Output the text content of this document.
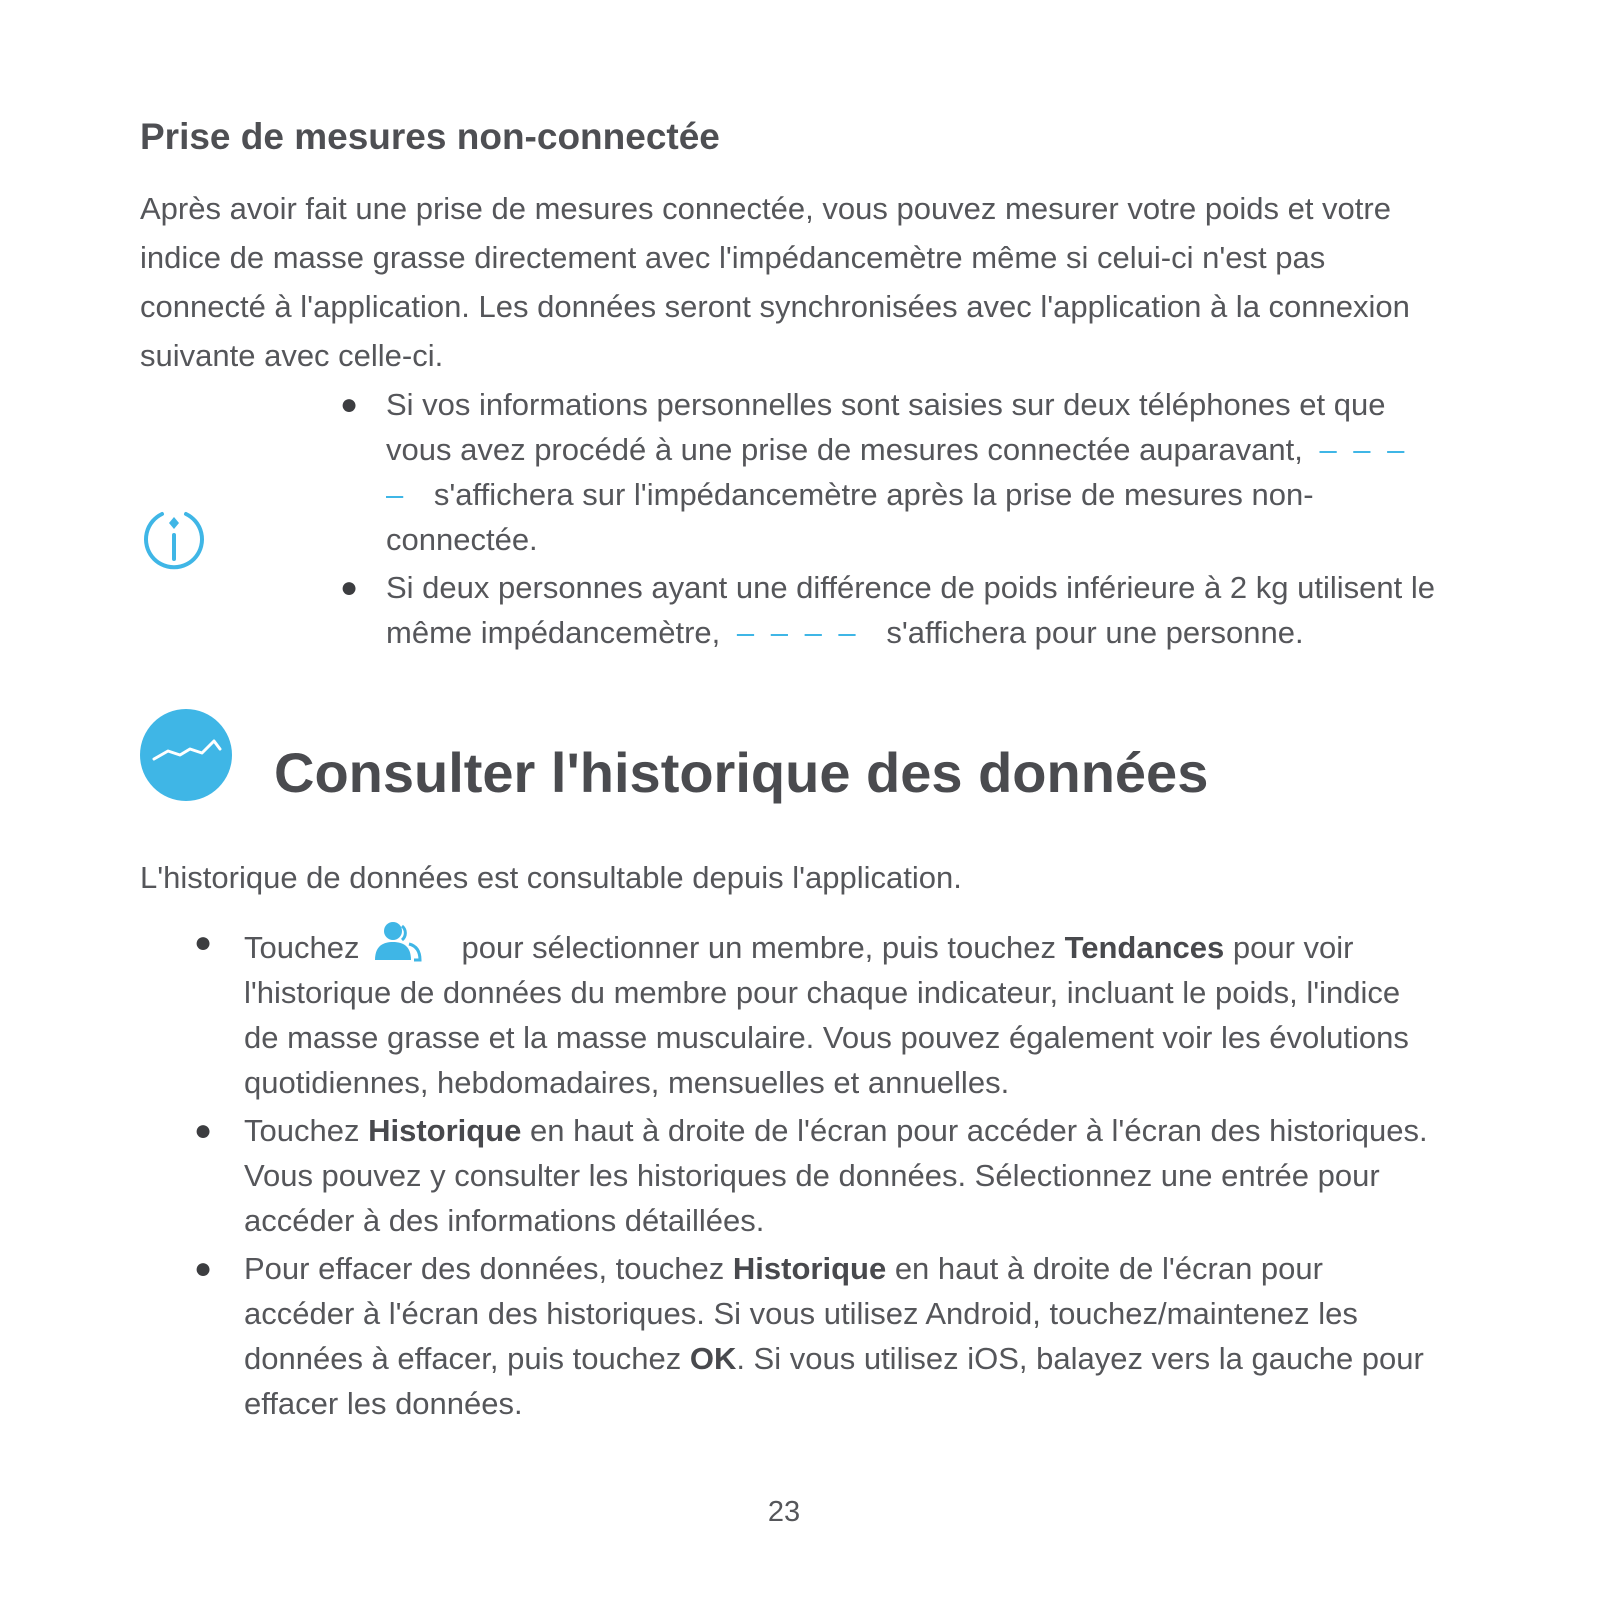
Prise de mesures non-connectée

Après avoir fait une prise de mesures connectée, vous pouvez mesurer votre poids et votre indice de masse grasse directement avec l'impédancemètre même si celui-ci n'est pas connecté à l'application. Les données seront synchronisées avec l'application à la connexion suivante avec celle-ci.

● Si vos informations personnelles sont saisies sur deux téléphones et que vous avez procédé à une prise de mesures connectée auparavant, – – – – s'affichera sur l'impédancemètre après la prise de mesures non-connectée.
● Si deux personnes ayant une différence de poids inférieure à 2 kg utilisent le même impédancemètre, – – – – s'affichera pour une personne.
Consulter l'historique des données

L'historique de données est consultable depuis l'application.

● Touchez	pour sélectionner un membre, puis touchez Tendances pour voir l'historique de données du membre pour chaque indicateur, incluant le poids, l'indice de masse grasse et la masse musculaire. Vous pouvez également voir les évolutions quotidiennes, hebdomadaires, mensuelles et annuelles.
● Touchez Historique en haut à droite de l'écran pour accéder à l'écran des historiques. Vous pouvez y consulter les historiques de données. Sélectionnez une entrée pour accéder à des informations détaillées.
● Pour effacer des données, touchez Historique en haut à droite de l'écran pour accéder à l'écran des historiques. Si vous utilisez Android, touchez/maintenez les données à effacer, puis touchez OK. Si vous utilisez iOS, balayez vers la gauche pour effacer les données.
23
